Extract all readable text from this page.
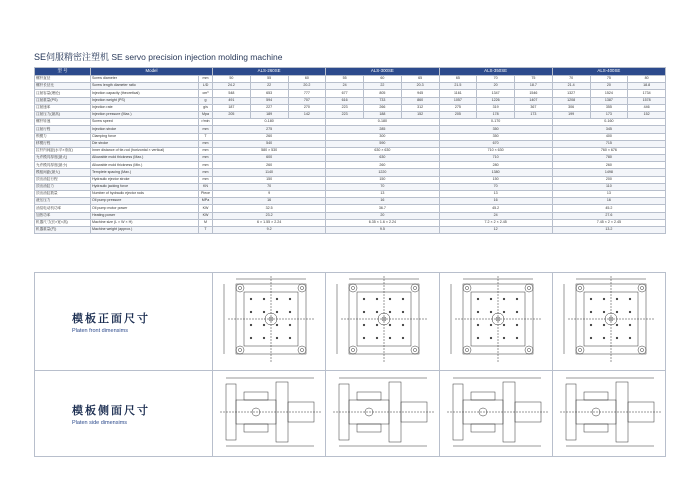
SE伺服精密注塑机 SE servo precision injection molding machine
型 号	Model		ALS-260SE			ALS-300SE			ALS-350SE			ALS-400SE		
螺杆直径	Screw diameter	mm	50	55	60	55	60	65	65	70	75	70	75	80
螺杆长径比	Screw length diameter ratio	L/D	24.2	22	20.2	24	22	20.3	21.5	20	18.7	21.4	20	18.8
注射容量(理论)	Injection capacity (theoretical)	cm³	548	653	777	677	805	945	1161	1347	1546	1327	1524	1734
注射重量(PS)	Injection weight (PS)	g	491	594	707	616	733	860	1057	1226	1407	1208	1387	1578
注射速率	Injection rate	g/s	187	227	270	223	266	312	275	319	367	306	355	446
注射压力(最高)	Injection pressure (Max.)	Mpa	205	189	142	223	188	152	205	178	173	199	173	152
螺杆转速	Screw speed	r/min	0-180			0-180			0-170			0-160		
注射行程	Injection stroke	mm	275			285			350			345		
锁模力	Clamping force	T	260			300			350			400		
移模行程	Die stroke	mm	540			590			670			715		
拉杆内间距(水平×垂直)	Inner distance of tie-rod (horizontal × vertical)	mm	580 × 530			630 × 630			710 × 630			760 × 676		
允许模具厚度(最大)	Allowable mold thickness (Max.)	mm	600			630			710			780		
允许模具厚度(最小)	Allowable mold thickness (Min.)	mm	260			260			280			260		
模板间距(最大)	Templete spacing (Max.)	mm	1140			1220			1380			1498		
顶出油缸行程	Hydraulic ejector stroke	mm	150			150			150			200		
顶出油缸力	Hydraulic jacking force	KN	70			70			70			110		
顶出油缸数量	Number of hydraulic ejector rods	Piece	9			13			13			13		
液压压力	Oil pump pressure	MPa	16			16			16			16		
油泵电动机功率	Oil pump motor power	KW	32.5			36.7			45.2			45.2		
加热功率	Heating power	KW	23.2			20			24			27.6		
机器尺寸(长×宽×高)	Machine size (L × W × H)	M	6 × 1.55 × 2.24			6.35 × 1.6 × 2.24			7.2 × 2 × 2.45			7.45 × 2 × 2.45		
机器重量(约)	Machine weight (approx.)	T	9.2			9.5			12			13.2		
模板正面尺寸
Platen front dimensims

模板侧面尺寸
Platen side dimensims
